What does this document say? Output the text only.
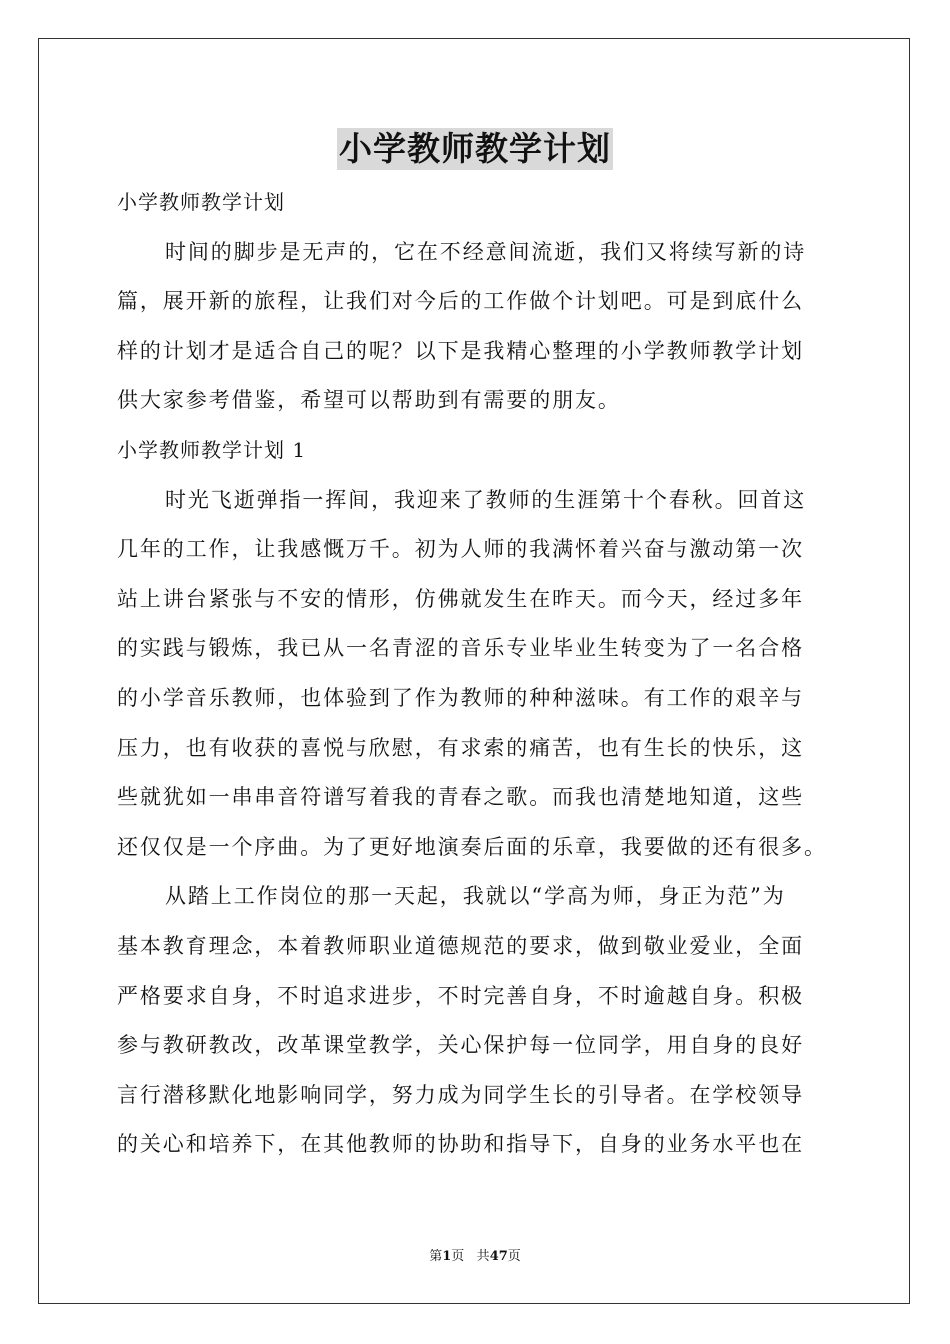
小学教师教学计划
小学教师教学计划
时间的脚步是无声的，它在不经意间流逝，我们又将续写新的诗
篇，展开新的旅程，让我们对今后的工作做个计划吧。可是到底什么
样的计划才是适合自己的呢？以下是我精心整理的小学教师教学计划
供大家参考借鉴，希望可以帮助到有需要的朋友。
小学教师教学计划 1
时光飞逝弹指一挥间，我迎来了教师的生涯第十个春秋。回首这
几年的工作，让我感慨万千。初为人师的我满怀着兴奋与激动第一次
站上讲台紧张与不安的情形，仿佛就发生在昨天。而今天，经过多年
的实践与锻炼，我已从一名青涩的音乐专业毕业生转变为了一名合格
的小学音乐教师，也体验到了作为教师的种种滋味。有工作的艰辛与
压力，也有收获的喜悦与欣慰，有求索的痛苦，也有生长的快乐，这
些就犹如一串串音符谱写着我的青春之歌。而我也清楚地知道，这些
还仅仅是一个序曲。为了更好地演奏后面的乐章，我要做的还有很多。
从踏上工作岗位的那一天起，我就以“学高为师，身正为范”为
基本教育理念，本着教师职业道德规范的要求，做到敬业爱业，全面
严格要求自身，不时追求进步，不时完善自身，不时逾越自身。积极
参与教研教改，改革课堂教学，关心保护每一位同学，用自身的良好
言行潜移默化地影响同学，努力成为同学生长的引导者。在学校领导
的关心和培养下，在其他教师的协助和指导下，自身的业务水平也在
第1页 共47页
